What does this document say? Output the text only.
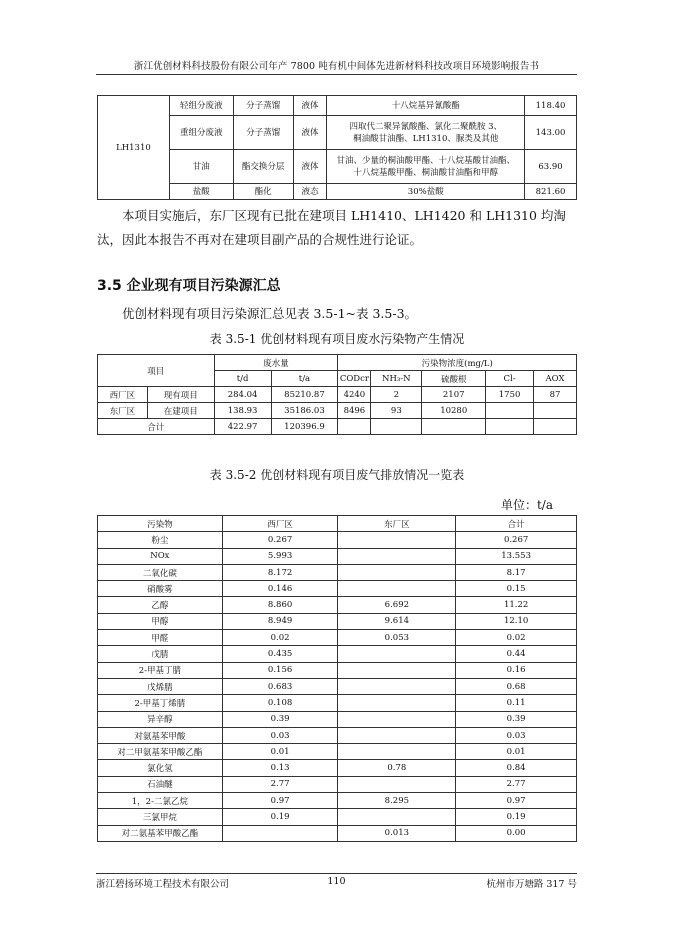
浙江优创材料科技股份有限公司年产 7800 吨有机中间体先进新材料科技改项目环境影响报告书
LH1310	轻组分废液	分子蒸馏	液体	十八烷基异氰酸酯	118.40
	重组分废液	分子蒸馏	液体	四取代二聚异氰酸酯、氯化二聚酰胺 3、
桐油酸甘油酯、LH1310、脲类及其他	143.00
	甘油	酯交换分层	液体	甘油、少量的桐油酸甲酯、十八烷基酸甘油酯、
十八烷基酸甲酯、桐油酸甘油酯和甲醇	63.90
	盐酸	酯化	液态	30%盐酸	821.60
本项目实施后，东厂区现有已批在建项目 LH1410、LH1420 和 LH1310 均淘汰，因此本报告不再对在建项目副产品的合规性进行论证。
3.5 企业现有项目污染源汇总
优创材料现有项目污染源汇总见表 3.5-1~表 3.5-3。
表 3.5-1 优创材料现有项目废水污染物产生情况
项目		废水量		污染物浓度(mg/L)				
		t/d	t/a	CODcr	NH₃-N	硫酸根	Cl-	AOX
西厂区	现有项目	284.04	85210.87	4240	2	2107	1750	87
东厂区	在建项目	138.93	35186.03	8496	93	10280		
合计		422.97	120396.9					
表 3.5-2 优创材料现有项目废气排放情况一览表
单位：t/a
污染物	西厂区	东厂区	合计
粉尘	0.267		0.267
NOx	5.993		13.553
二氧化碳	8.172		8.17
硝酸雾	0.146		0.15
乙醇	8.860	6.692	11.22
甲醇	8.949	9.614	12.10
甲醛	0.02	0.053	0.02
戊腈	0.435		0.44
2-甲基丁腈	0.156		0.16
戊烯腈	0.683		0.68
2-甲基丁烯腈	0.108		0.11
异辛醇	0.39		0.39
对氨基苯甲酸	0.03		0.03
对二甲氨基苯甲酸乙酯	0.01		0.01
氯化氢	0.13	0.78	0.84
石油醚	2.77		2.77
1，2-二氯乙烷	0.97	8.295	0.97
三氯甲烷	0.19		0.19
对二氨基苯甲酸乙酯		0.013	0.00
浙江碧扬环境工程技术有限公司	110	杭州市万塘路 317 号
